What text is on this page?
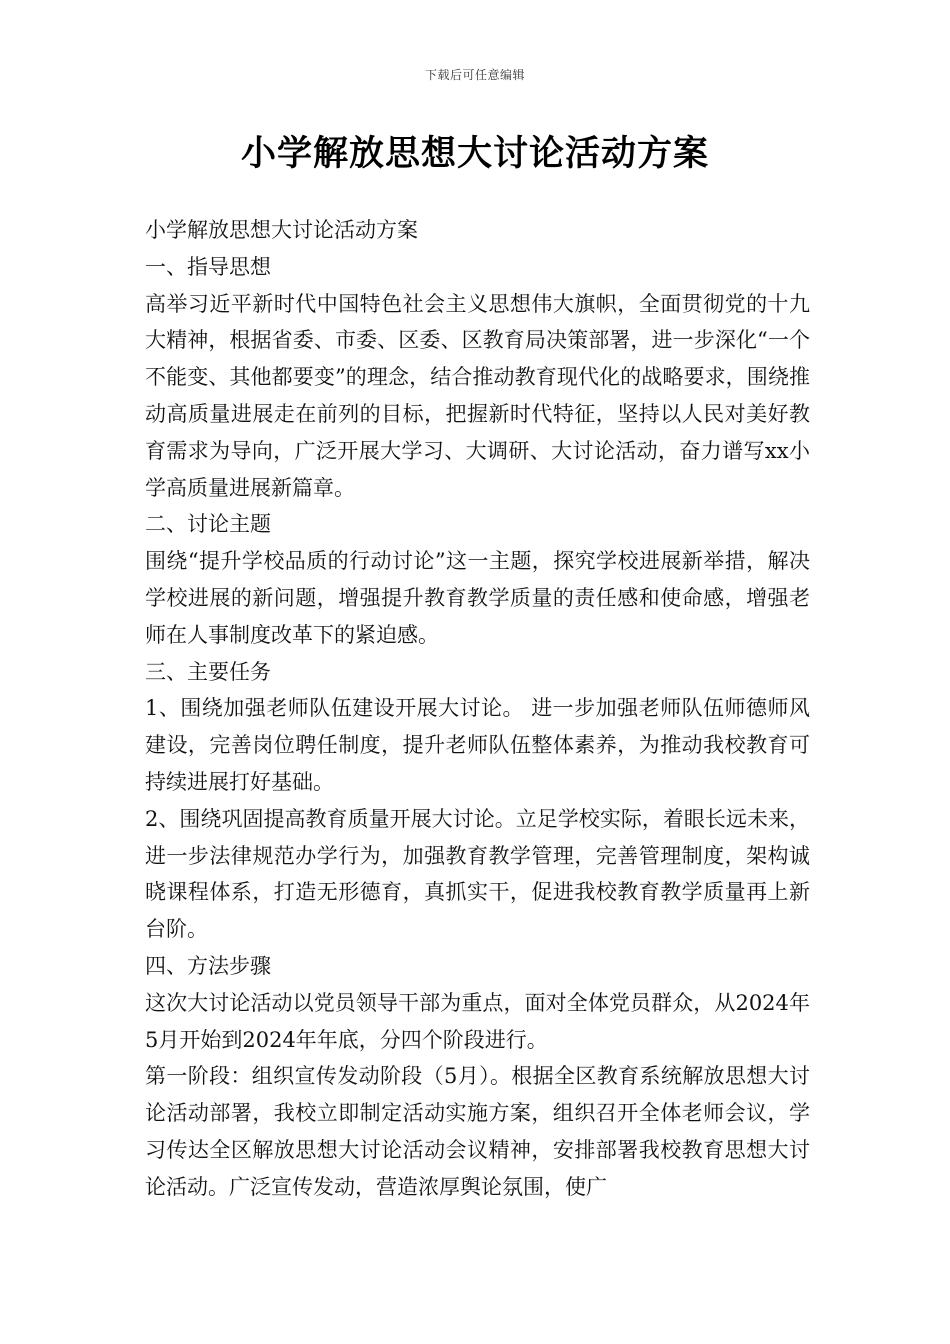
下载后可任意编辑
小学解放思想大讨论活动方案

小学解放思想大讨论活动方案

一、指导思想

高举习近平新时代中国特色社会主义思想伟大旗帜，全面贯彻党的十九大精神，根据省委、市委、区委、区教育局决策部署，进一步深化“一个不能变、其他都要变”的理念，结合推动教育现代化的战略要求，围绕推动高质量进展走在前列的目标，把握新时代特征，坚持以人民对美好教育需求为导向，广泛开展大学习、大调研、大讨论活动，奋力谱写xx小学高质量进展新篇章。

二、讨论主题

围绕“提升学校品质的行动讨论”这一主题，探究学校进展新举措，解决学校进展的新问题，增强提升教育教学质量的责任感和使命感，增强老师在人事制度改革下的紧迫感。

三、主要任务

1、围绕加强老师队伍建设开展大讨论。 进一步加强老师队伍师德师风建设，完善岗位聘任制度，提升老师队伍整体素养，为推动我校教育可持续进展打好基础。

2、围绕巩固提高教育质量开展大讨论。立足学校实际，着眼长远未来，进一步法律规范办学行为，加强教育教学管理，完善管理制度，架构诚晓课程体系，打造无形德育，真抓实干，促进我校教育教学质量再上新台阶。

四、方法步骤

这次大讨论活动以党员领导干部为重点，面对全体党员群众，从2024年5月开始到2024年年底，分四个阶段进行。

第一阶段：组织宣传发动阶段（5月）。根据全区教育系统解放思想大讨论活动部署，我校立即制定活动实施方案，组织召开全体老师会议，学习传达全区解放思想大讨论活动会议精神，安排部署我校教育思想大讨论活动。广泛宣传发动，营造浓厚舆论氛围，使广
